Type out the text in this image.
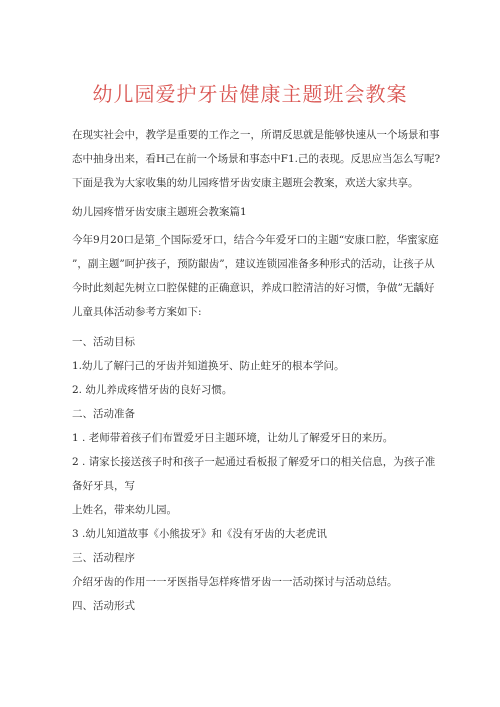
幼儿园爱护牙齿健康主题班会教案
在现实社会中，教学是重要的工作之一，所谓反思就是能够快速从一个场景和事
态中抽身出来，看H己在前一个场景和事态中F1.己的表现。反思应当怎么写呢?
下面是我为大家收集的幼儿园疼惜牙齿安康主题班会教案，欢送大家共享。
幼儿园疼惜牙齿安康主题班会教案篇1
今年9月20口是第_个国际爱牙口，结合今年爱牙口的主题“安康口腔，华蜜家庭
”，副主题”呵护孩子，预防龈齿”，建议连锁园准备多种形式的活动，让孩子从
今时此刻起先树立口腔保健的正确意识，养成口腔清洁的好习惯，争做”无龋好
儿童具体活动参考方案如下:
一、活动目标
1.幼儿了解闩己的牙齿并知道换牙、防止蛀牙的根本学问。
2. 幼儿养成疼惜牙齿的良好习惯。
二、活动准备
1 . 老师带着孩子们布置爱牙日主题环境，让幼儿了解爱牙日的来历。
2 . 请家长接送孩子时和孩子一起通过看板报了解爱牙口的相关信息，为孩子准
备好牙具，写
上姓名，带来幼儿园。
3 .幼儿知道故事《小熊拔牙》和《没有牙齿的大老虎讯
三、活动程序
介绍牙齿的作用一一牙医指导怎样疼惜牙齿一一活动探讨与活动总结。
四、活动形式
